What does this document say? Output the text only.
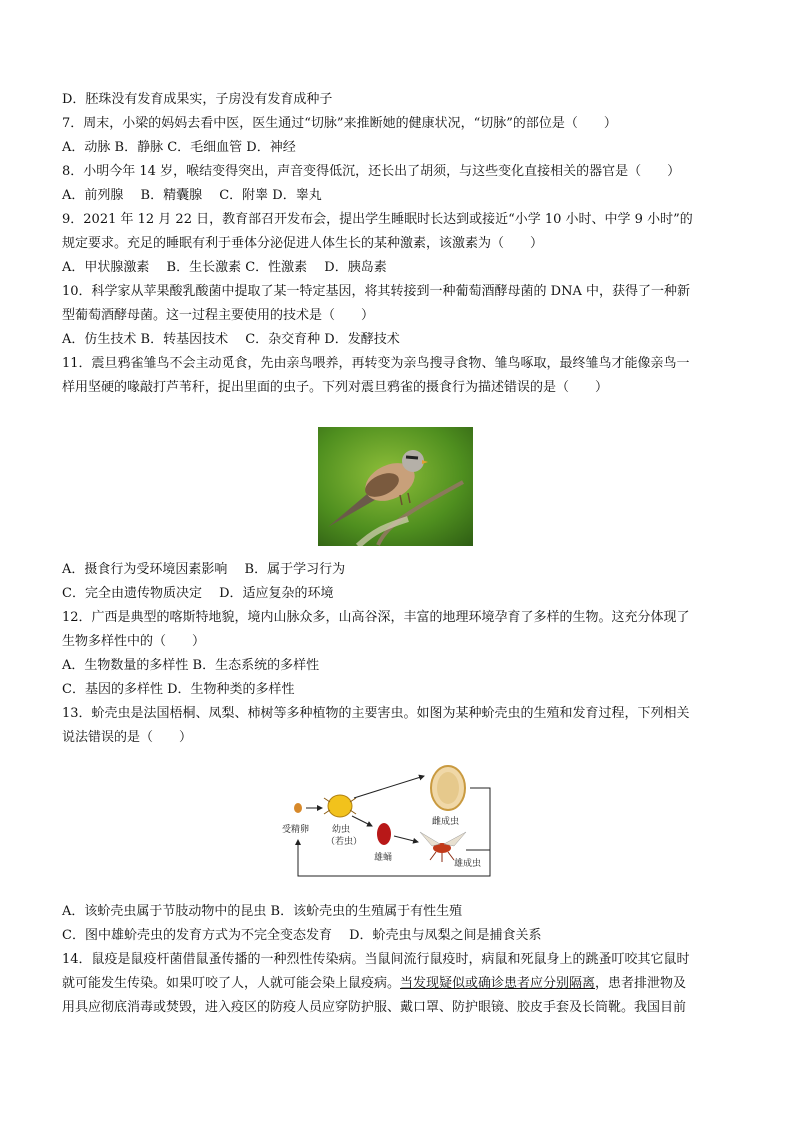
D．胚珠没有发育成果实，子房没有发育成种子
7．周末，小梁的妈妈去看中医，医生通过“切脉”来推断她的健康状况，“切脉”的部位是（　　）
A．动脉 B．静脉 C．毛细血管 D．神经
8．小明今年 14 岁，喉结变得突出，声音变得低沉，还长出了胡须，与这些变化直接相关的器官是（　　）
A．前列腺　 B．精囊腺　 C．附睾 D．睾丸
9．2021 年 12 月 22 日，教育部召开发布会，提出学生睡眠时长达到或接近“小学 10 小时、中学 9 小时”的
规定要求。充足的睡眠有利于垂体分泌促进人体生长的某种激素，该激素为（　　）
A．甲状腺激素　 B．生长激素 C．性激素　 D．胰岛素
10．科学家从苹果酸乳酸菌中提取了某一特定基因，将其转接到一种葡萄酒酵母菌的 DNA 中，获得了一种新
型葡萄酒酵母菌。这一过程主要使用的技术是（　　）
A．仿生技术 B．转基因技术　 C．杂交育种 D．发酵技术
11．震旦鸦雀雏鸟不会主动觅食，先由亲鸟喂养，再转变为亲鸟搜寻食物、雏鸟啄取，最终雏鸟才能像亲鸟一
样用坚硬的喙敲打芦苇秆，捉出里面的虫子。下列对震旦鸦雀的摄食行为描述错误的是（　　）
A．摄食行为受环境因素影响　 B．属于学习行为
C．完全由遗传物质决定　 D．适应复杂的环境
12．广西是典型的喀斯特地貌，境内山脉众多，山高谷深，丰富的地理环境孕育了多样的生物。这充分体现了
生物多样性中的（　　）
A．生物数量的多样性 B．生态系统的多样性
C．基因的多样性 D．生物种类的多样性
13．蚧壳虫是法国梧桐、凤梨、柿树等多种植物的主要害虫。如图为某种蚧壳虫的生殖和发育过程，下列相关
说法错误的是（　　）
A．该蚧壳虫属于节肢动物中的昆虫 B．该蚧壳虫的生殖属于有性生殖
C．图中雄蚧壳虫的发育方式为不完全变态发育　 D．蚧壳虫与凤梨之间是捕食关系
14．鼠疫是鼠疫杆菌借鼠蚤传播的一种烈性传染病。当鼠间流行鼠疫时，病鼠和死鼠身上的跳蚤叮咬其它鼠时
就可能发生传染。如果叮咬了人，人就可能会染上鼠疫病。当发现疑似或确诊患者应分别隔离，患者排泄物及
用具应彻底消毒或焚毁，进入疫区的防疫人员应穿防护服、戴口罩、防护眼镜、胶皮手套及长筒靴。我国目前
受精卵	幼虫
（若虫）
雌成虫
雄蛹
雄成虫
